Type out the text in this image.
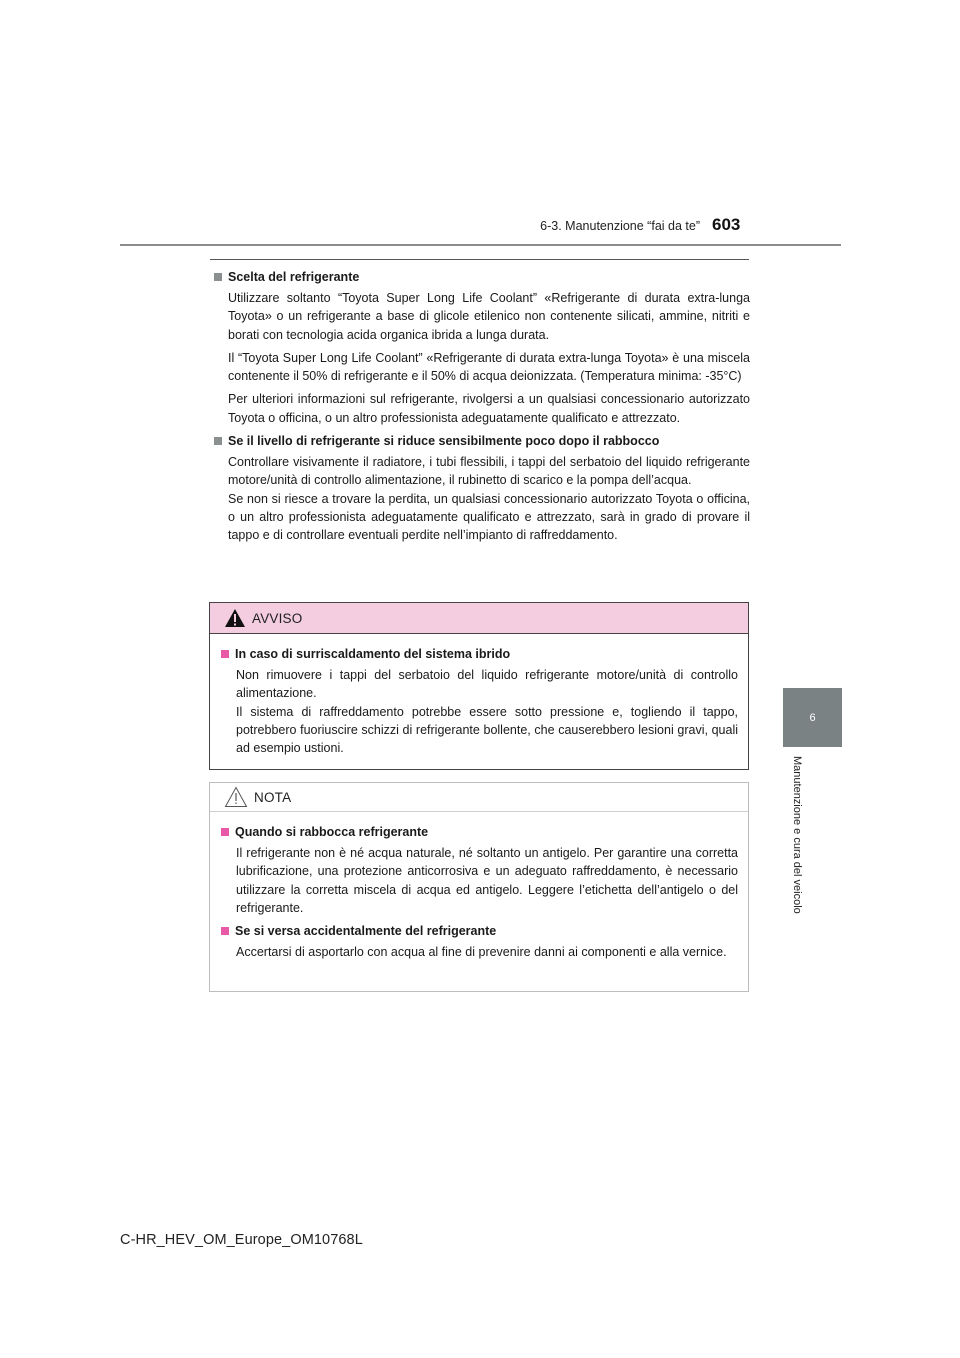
6-3. Manutenzione “fai da te” 603
6
Manutenzione e cura del veicolo
Scelta del refrigerante

Utilizzare soltanto “Toyota Super Long Life Coolant” «Refrigerante di durata extra-lunga Toyota» o un refrigerante a base di glicole etilenico non contenente silicati, ammine, nitriti e borati con tecnologia acida organica ibrida a lunga durata.

Il “Toyota Super Long Life Coolant” «Refrigerante di durata extra-lunga Toyota» è una miscela contenente il 50% di refrigerante e il 50% di acqua deionizzata. (Temperatura minima: -35°C)

Per ulteriori informazioni sul refrigerante, rivolgersi a un qualsiasi concessionario autorizzato Toyota o officina, o un altro professionista adeguatamente qualificato e attrezzato.

Se il livello di refrigerante si riduce sensibilmente poco dopo il rabbocco

Controllare visivamente il radiatore, i tubi flessibili, i tappi del serbatoio del liquido refrigerante motore/unità di controllo alimentazione, il rubinetto di scarico e la pompa dell’acqua.

Se non si riesce a trovare la perdita, un qualsiasi concessionario autorizzato Toyota o officina, o un altro professionista adeguatamente qualificato e attrezzato, sarà in grado di provare il tappo e di controllare eventuali perdite nell’impianto di raffreddamento.

AVVISO
In caso di surriscaldamento del sistema ibrido

Non rimuovere i tappi del serbatoio del liquido refrigerante motore/unità di controllo alimentazione.

Il sistema di raffreddamento potrebbe essere sotto pressione e, togliendo il tappo, potrebbero fuoriuscire schizzi di refrigerante bollente, che causerebbero lesioni gravi, quali ad esempio ustioni.

NOTA
Quando si rabbocca refrigerante

Il refrigerante non è né acqua naturale, né soltanto un antigelo. Per garantire una corretta lubrificazione, una protezione anticorrosiva e un adeguato raffreddamento, è necessario utilizzare la corretta miscela di acqua ed antigelo. Leggere l’etichetta dell’antigelo o del refrigerante.

Se si versa accidentalmente del refrigerante

Accertarsi di asportarlo con acqua al fine di prevenire danni ai componenti e alla vernice.

C-HR_HEV_OM_Europe_OM10768L
